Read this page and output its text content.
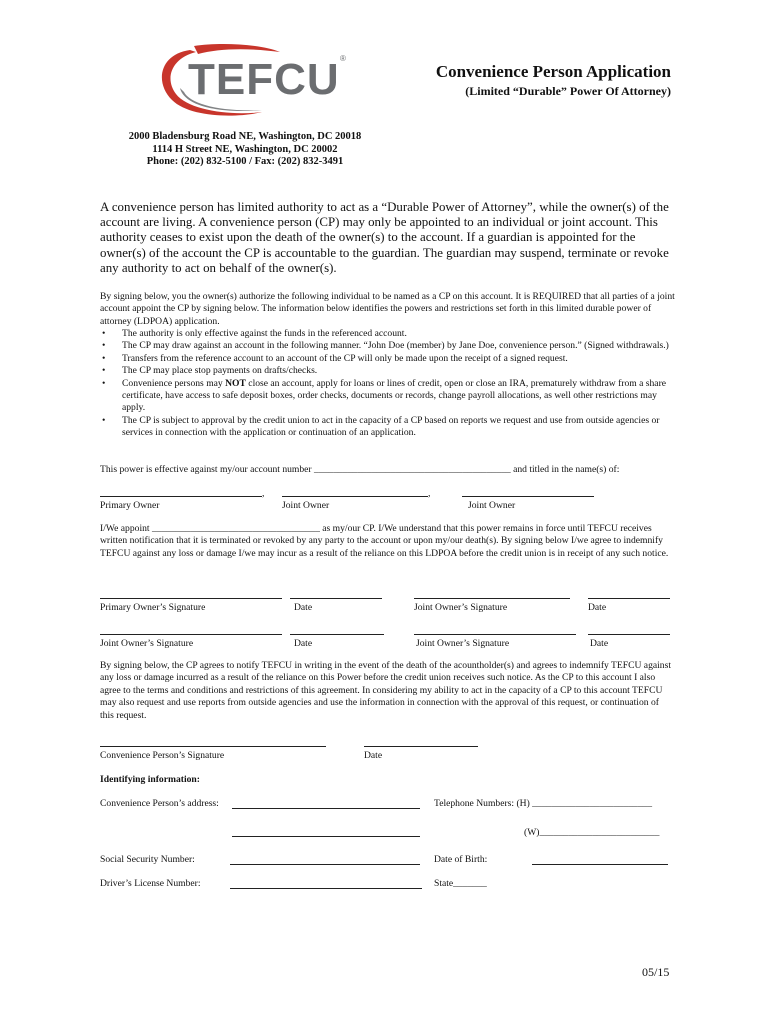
TEFCU ®
Convenience Person Application
(Limited “Durable” Power Of Attorney)
2000 Bladensburg Road NE, Washington, DC 20018
1114 H Street NE, Washington, DC 20002
Phone: (202) 832-5100 / Fax: (202) 832-3491
A convenience person has limited authority to act as a “Durable Power of Attorney”, while the owner(s) of the account are living. A convenience person (CP) may only be appointed to an individual or joint account. This authority ceases to exist upon the death of the owner(s) to the account. If a guardian is appointed for the owner(s) of the account the CP is accountable to the guardian. The guardian may suspend, terminate or revoke any authority to act on behalf of the owner(s).
By signing below, you the owner(s) authorize the following individual to be named as a CP on this account. It is REQUIRED that all parties of a joint account appoint the CP by signing below. The information below identifies the powers and restrictions set forth in this limited durable power of attorney (LDPOA) application.
• The authority is only effective against the funds in the referenced account.
• The CP may draw against an account in the following manner. “John Doe (member) by Jane Doe, convenience person.” (Signed withdrawals.)
• Transfers from the reference account to an account of the CP will only be made upon the receipt of a signed request.
• The CP may place stop payments on drafts/checks.
• Convenience persons may NOT close an account, apply for loans or lines of credit, open or close an IRA, prematurely withdraw from a share certificate, have access to safe deposit boxes, order checks, documents or records, change payroll allocations, as well other restrictions may apply.
• The CP is subject to approval by the credit union to act in the capacity of a CP based on reports we request and use from outside agencies or services in connection with the application or continuation of an application.
This power is effective against my/our account number _________________________________________ and titled in the name(s) of:
,	,
Primary Owner	Joint Owner	Joint Owner
I/We appoint ___________________________________ as my/our CP. I/We understand that this power remains in force until TEFCU receives written notification that it is terminated or revoked by any party to the account or upon my/our death(s). By signing below I/we agree to indemnify TEFCU against any loss or damage I/we may incur as a result of the reliance on this LDPOA before the credit union is in receipt of any such notice.
Primary Owner’s Signature	Date	Joint Owner’s Signature	Date
Joint Owner’s Signature	Date	Joint Owner’s Signature	Date
By signing below, the CP agrees to notify TEFCU in writing in the event of the death of the acountholder(s) and agrees to indemnify TEFCU against any loss or damage incurred as a result of the reliance on this Power before the credit union receives such notice. As the CP to this account I also agree to the terms and conditions and restrictions of this agreement. In considering my ability to act in the capacity of a CP to this account TEFCU may also request and use reports from outside agencies and use the information in connection with the approval of this request, or continuation of this request.
Convenience Person’s Signature	Date
Identifying information:
Convenience Person’s address:	Telephone Numbers: (H) _________________________
(W)_________________________
Social Security Number:	Date of Birth:
Driver’s License Number:	State_______
05/15
